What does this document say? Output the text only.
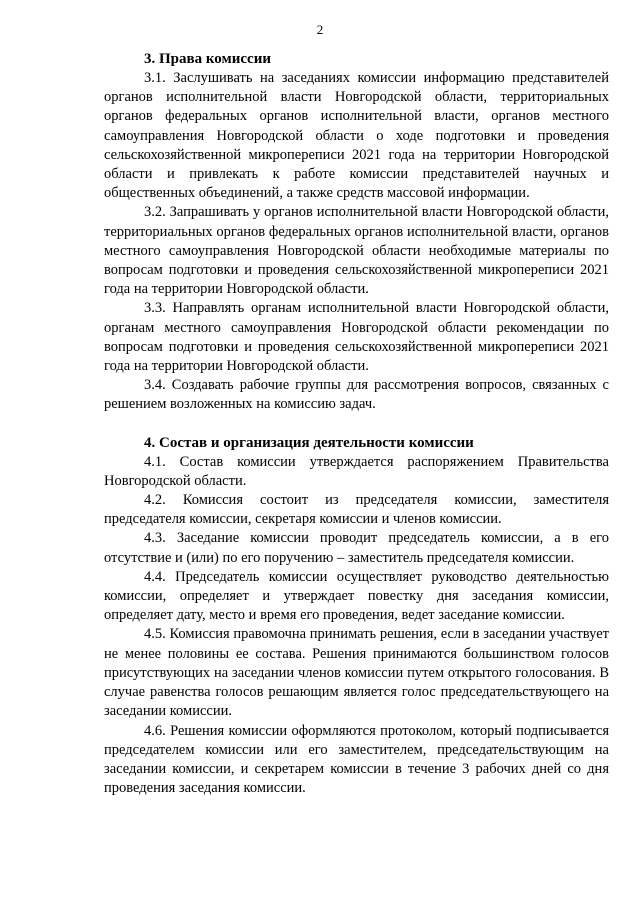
2

3. Права комиссии

3.1. Заслушивать на заседаниях комиссии информацию представителей органов исполнительной власти Новгородской области, территориальных органов федеральных органов исполнительной власти, органов местного самоуправления Новгородской области о ходе подготовки и проведения сельскохозяйственной микропереписи 2021 года на территории Новгородской области и привлекать к работе комиссии представителей научных и общественных объединений, а также средств массовой информации.

3.2. Запрашивать у органов исполнительной власти Новгородской области, территориальных органов федеральных органов исполнительной власти, органов местного самоуправления Новгородской области необходимые материалы по вопросам подготовки и проведения сельскохозяйственной микропереписи 2021 года на территории Новгородской области.

3.3. Направлять органам исполнительной власти Новгородской области, органам местного самоуправления Новгородской области рекомендации по вопросам подготовки и проведения сельскохозяйственной микропереписи 2021 года на территории Новгородской области.

3.4. Создавать рабочие группы для рассмотрения вопросов, связанных с решением возложенных на комиссию задач.

4. Состав и организация деятельности комиссии

4.1. Состав комиссии утверждается распоряжением Правительства Новгородской области.

4.2. Комиссия состоит из председателя комиссии, заместителя председателя комиссии, секретаря комиссии и членов комиссии.

4.3. Заседание комиссии проводит председатель комиссии, а в его отсутствие и (или) по его поручению – заместитель председателя комиссии.

4.4. Председатель комиссии осуществляет руководство деятельностью комиссии, определяет и утверждает повестку дня заседания комиссии, определяет дату, место и время его проведения, ведет заседание комиссии.

4.5. Комиссия правомочна принимать решения, если в заседании участвует не менее половины ее состава. Решения принимаются большинством голосов присутствующих на заседании членов комиссии путем открытого голосования. В случае равенства голосов решающим является голос председательствующего на заседании комиссии.

4.6. Решения комиссии оформляются протоколом, который подписывается председателем комиссии или его заместителем, председательствующим на заседании комиссии, и секретарем комиссии в течение 3 рабочих дней со дня проведения заседания комиссии.
